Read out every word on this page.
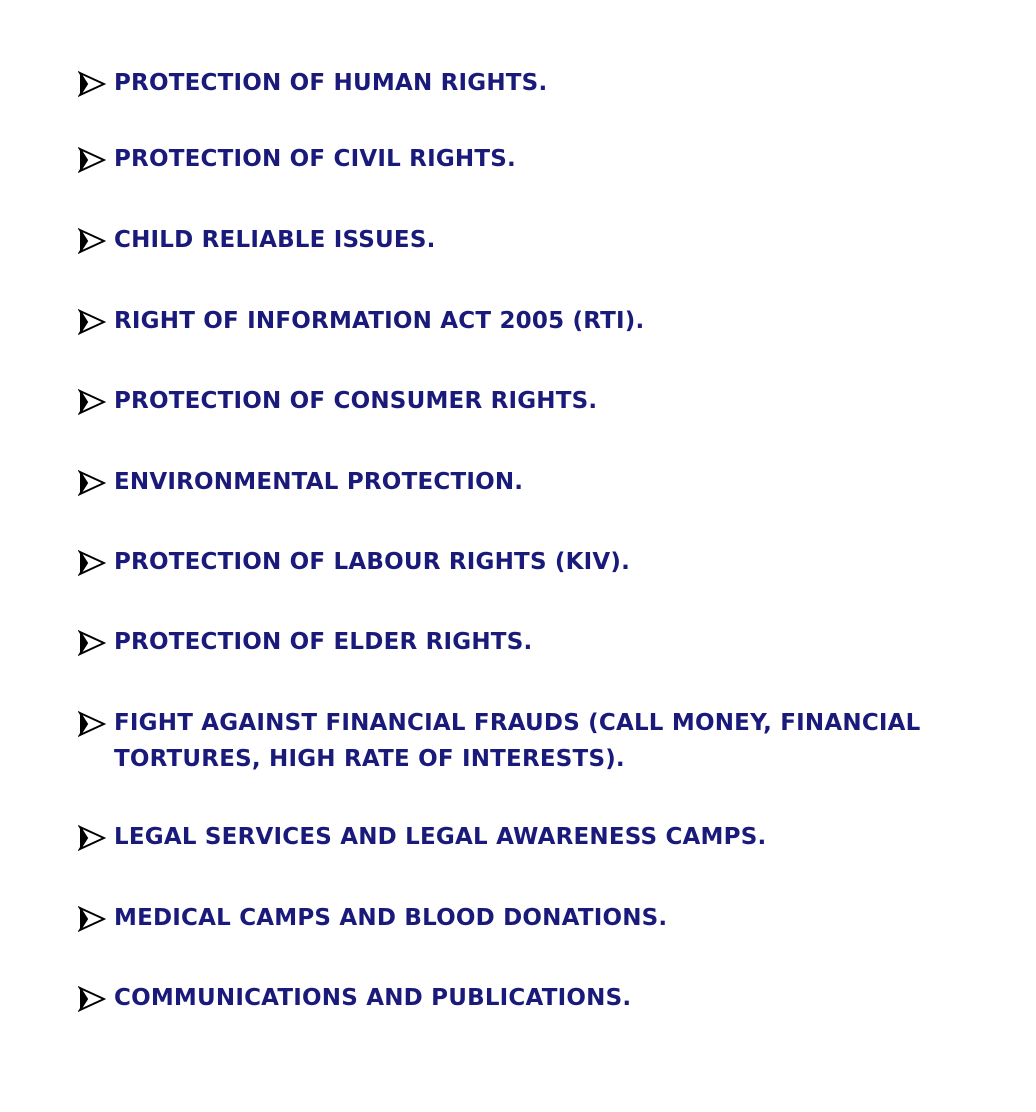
PROTECTION OF HUMAN RIGHTS.
PROTECTION OF CIVIL RIGHTS.
CHILD RELIABLE ISSUES.
RIGHT OF INFORMATION ACT 2005 (RTI).
PROTECTION OF CONSUMER RIGHTS.
ENVIRONMENTAL PROTECTION.
PROTECTION OF LABOUR RIGHTS (KIV).
PROTECTION OF ELDER RIGHTS.
FIGHT AGAINST FINANCIAL FRAUDS (CALL MONEY, FINANCIAL TORTURES, HIGH RATE OF INTERESTS).
LEGAL SERVICES AND LEGAL AWARENESS CAMPS.
MEDICAL CAMPS AND BLOOD DONATIONS.
COMMUNICATIONS AND PUBLICATIONS.
